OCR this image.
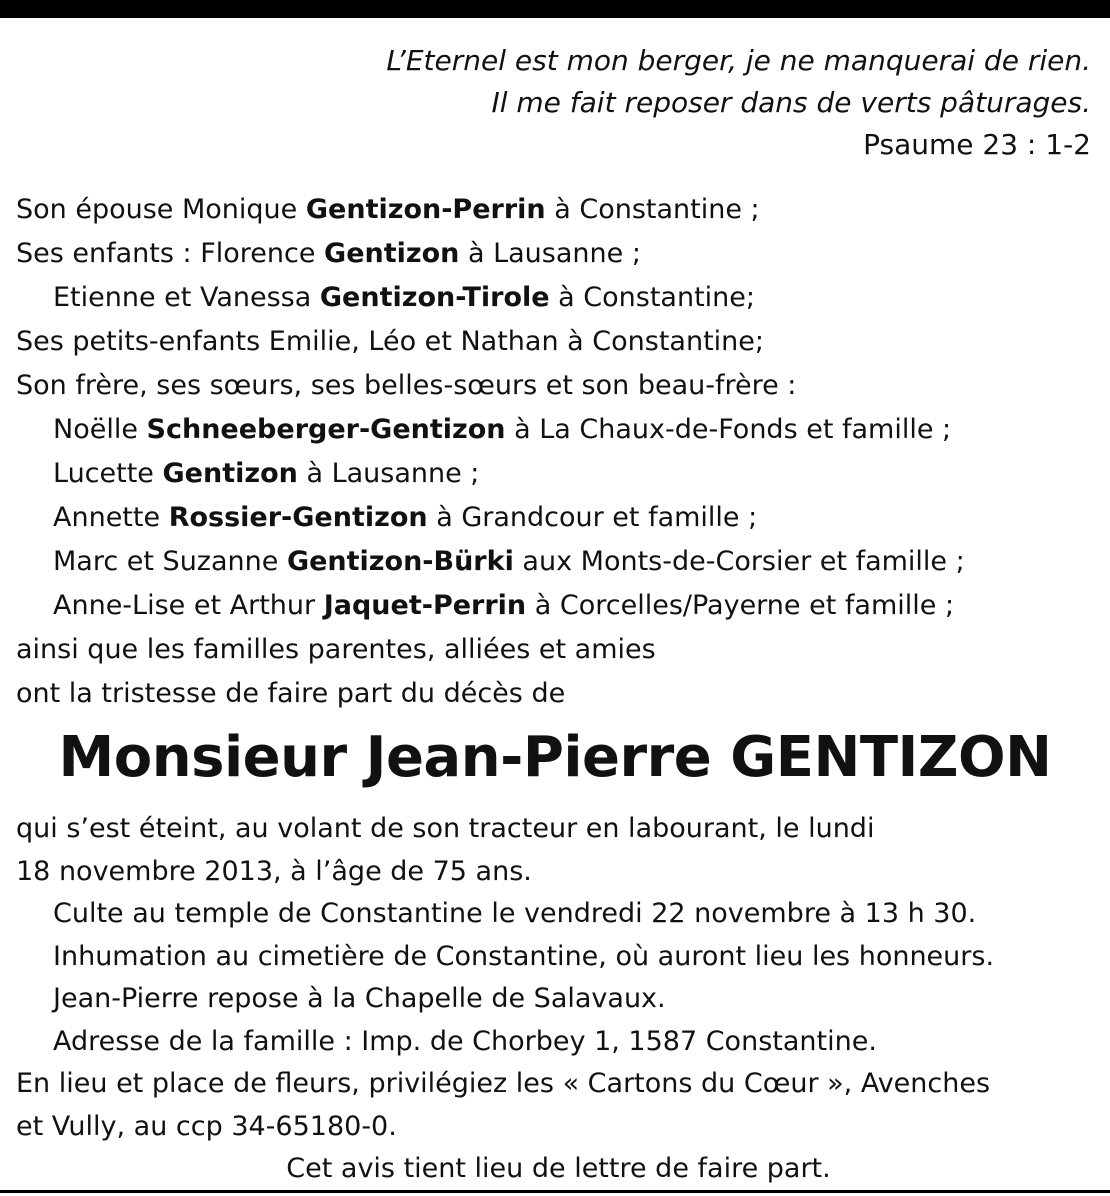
L’Eternel est mon berger, je ne manquerai de rien.
Il me fait reposer dans de verts pâturages.
Psaume 23 : 1-2
Son épouse Monique Gentizon-Perrin à Constantine ;
Ses enfants : Florence Gentizon à Lausanne ;
Etienne et Vanessa Gentizon-Tirole à Constantine;
Ses petits-enfants Emilie, Léo et Nathan à Constantine;
Son frère, ses sœurs, ses belles-sœurs et son beau-frère :
Noëlle Schneeberger-Gentizon à La Chaux-de-Fonds et famille ;
Lucette Gentizon à Lausanne ;
Annette Rossier-Gentizon à Grandcour et famille ;
Marc et Suzanne Gentizon-Bürki aux Monts-de-Corsier et famille ;
Anne-Lise et Arthur Jaquet-Perrin à Corcelles/Payerne et famille ;
ainsi que les familles parentes, alliées et amies
ont la tristesse de faire part du décès de
Monsieur Jean-Pierre GENTIZON
qui s’est éteint, au volant de son tracteur en labourant, le lundi
18 novembre 2013, à l’âge de 75 ans.
Culte au temple de Constantine le vendredi 22 novembre à 13 h 30.
Inhumation au cimetière de Constantine, où auront lieu les honneurs.
Jean-Pierre repose à la Chapelle de Salavaux.
Adresse de la famille : Imp. de Chorbey 1, 1587 Constantine.
En lieu et place de fleurs, privilégiez les « Cartons du Cœur », Avenches
et Vully, au ccp 34-65180-0.
Cet avis tient lieu de lettre de faire part.
